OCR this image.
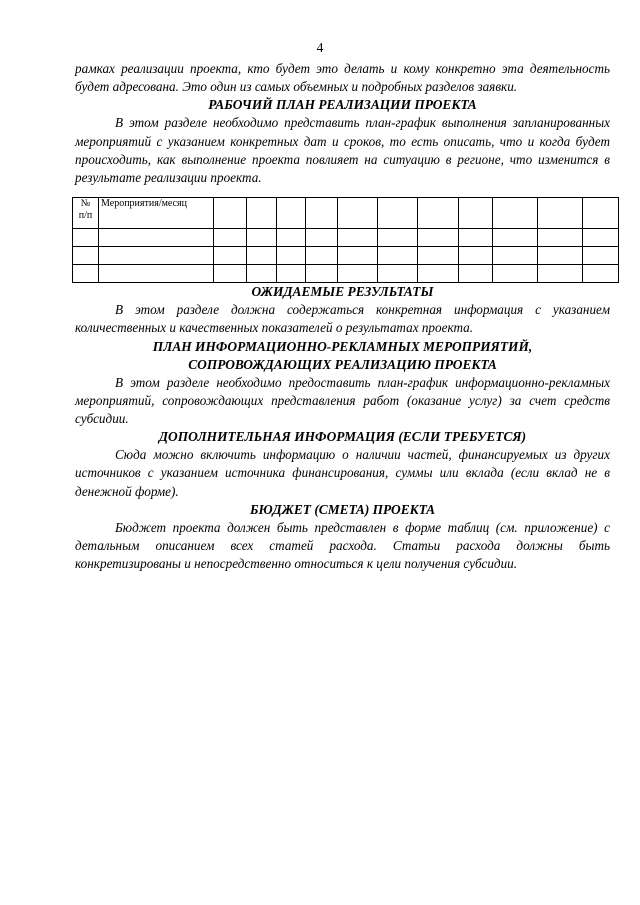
4

рамках реализации проекта, кто будет это делать и кому конкретно эта деятельность будет адресована. Это один из самых объемных и подробных разделов заявки.

РАБОЧИЙ ПЛАН РЕАЛИЗАЦИИ ПРОЕКТА

В этом разделе необходимо представить план-график выполнения запланированных мероприятий с указанием конкретных дат и сроков, то есть описать, что и когда будет происходить, как выполнение проекта повлияет на ситуацию в регионе, что изменится в результате реализации проекта.

№
п/п	Мероприятия/месяц											

ОЖИДАЕМЫЕ РЕЗУЛЬТАТЫ

В этом разделе должна содержаться конкретная информация с указанием количественных и качественных показателей о результатах проекта.

ПЛАН ИНФОРМАЦИОННО-РЕКЛАМНЫХ МЕРОПРИЯТИЙ,
СОПРОВОЖДАЮЩИХ РЕАЛИЗАЦИЮ ПРОЕКТА

В этом разделе необходимо предоставить план-график информационно-рекламных мероприятий, сопровождающих представления работ (оказание услуг) за счет средств субсидии.

ДОПОЛНИТЕЛЬНАЯ ИНФОРМАЦИЯ (ЕСЛИ ТРЕБУЕТСЯ)

Сюда можно включить информацию о наличии частей, финансируемых из других источников с указанием источника финансирования, суммы или вклада (если вклад не в денежной форме).

БЮДЖЕТ (СМЕТА) ПРОЕКТА

Бюджет проекта должен быть представлен в форме таблиц (см. приложение) с детальным описанием всех статей расхода. Статьи расхода должны быть конкретизированы и непосредственно относиться к цели получения субсидии.
